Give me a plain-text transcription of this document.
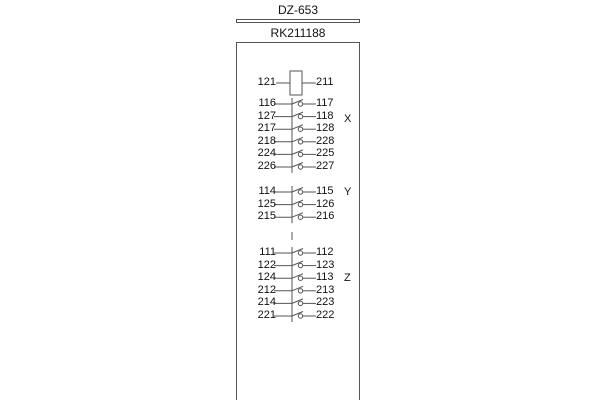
DZ-653
RK211188
121	211
116	117
127	118
217	128
218	228
224	225
226	227
X
114	115
125	126
215	216
Y
111	112
122	123
124	113
212	213
214	223
221	222
Z
